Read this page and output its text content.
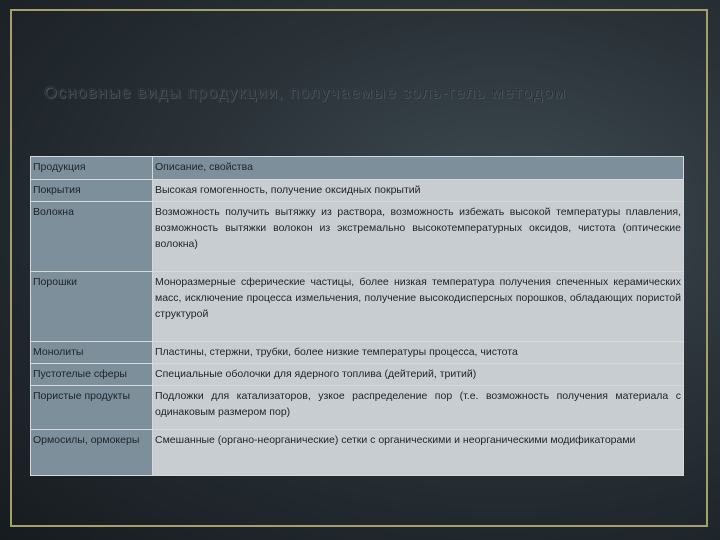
Основные виды продукции, получаемые золь-гель методом
Продукция	Описание, свойства
Покрытия	Высокая гомогенность, получение оксидных покрытий
Волокна	Возможность получить вытяжку из раствора, возможность избежать высокой температуры плавления, возможность вытяжки волокон из экстремально высокотемпературных оксидов, чистота (оптические волокна)
Порошки	Монoразмерные сферические частицы, более низкая температура получения спеченных керамических масс, исключение процесса измельчения, получение высокодисперсных порошков, обладающих пористой структурой
Монолиты	Пластины, стержни, трубки, более низкие температуры процесса, чистота
Пустотелые сферы	Специальные оболочки для ядерного топлива (дейтерий, тритий)
Пористые продукты	Подложки для катализаторов, узкое распределение пор (т.е. возможность получения материала с одинаковым размером пор)
Ормосилы, ормокеры	Смешанные (органо-неорганические) сетки с органическими и неорганическими модификаторами
